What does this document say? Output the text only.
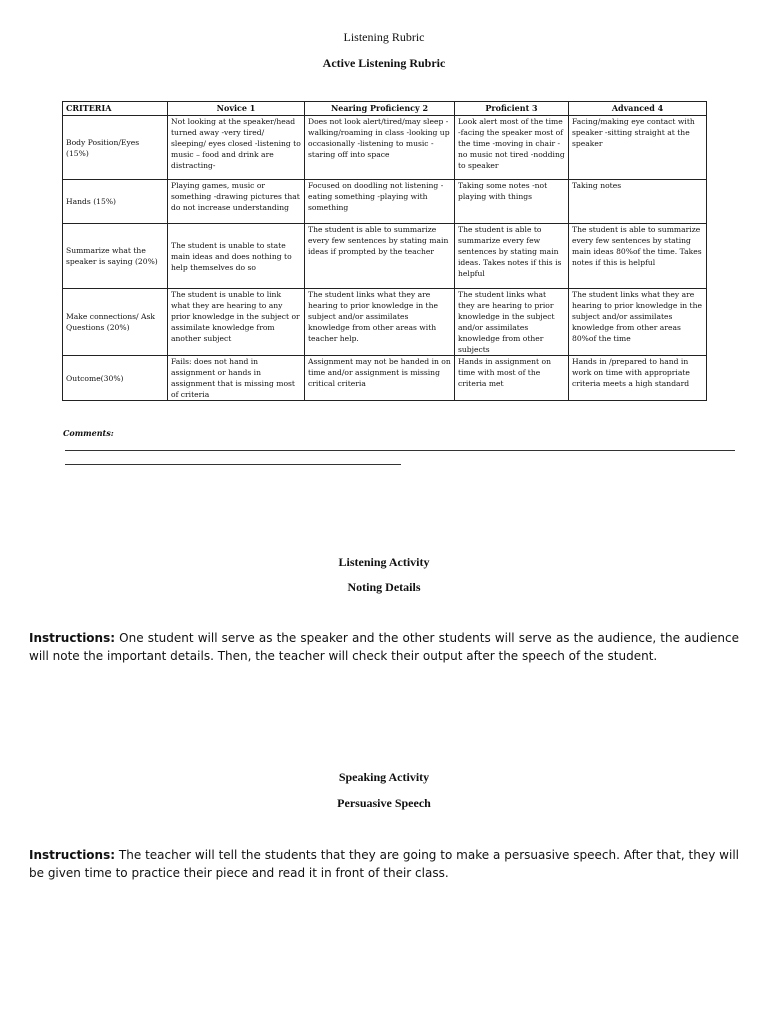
Listening Rubric
Active Listening Rubric
CRITERIA	Novice 1	Nearing Proficiency 2	Proficient 3	Advanced 4
Body Position/Eyes (15%)	Not looking at the speaker/head turned away -very tired/ sleeping/ eyes closed -listening to music – food and drink are distracting-	Does not look alert/tired/may sleep -walking/roaming in class -looking up occasionally -listening to music -staring off into space	Look alert most of the time -facing the speaker most of the time -moving in chair -no music not tired -nodding to speaker	Facing/making eye contact with speaker -sitting straight at the speaker
Hands (15%)	Playing games, music or something -drawing pictures that do not increase understanding	Focused on doodling not listening -eating something -playing with something	Taking some notes -not playing with things	Taking notes
Summarize what the speaker is saying (20%)	The student is unable to state main ideas and does nothing to help themselves do so	The student is able to summarize every few sentences by stating main ideas if prompted by the teacher	The student is able to summarize every few sentences by stating main ideas. Takes notes if this is helpful	The student is able to summarize every few sentences by stating main ideas 80%of the time. Takes notes if this is helpful
Make connections/ Ask Questions (20%)	The student is unable to link what they are hearing to any prior knowledge in the subject or assimilate knowledge from another subject	The student links what they are hearing to prior knowledge in the subject and/or assimilates knowledge from other areas with teacher help.	The student links what they are hearing to prior knowledge in the subject and/or assimilates knowledge from other subjects	The student links what they are hearing to prior knowledge in the subject and/or assimilates knowledge from other areas 80%of the time
Outcome(30%)	Fails: does not hand in assignment or hands in assignment that is missing most of criteria	Assignment may not be handed in on time and/or assignment is missing critical criteria	Hands in assignment on time with most of the criteria met	Hands in /prepared to hand in work on time with appropriate criteria meets a high standard
Comments:
Listening Activity
Noting Details
Instructions: One student will serve as the speaker and the other students will serve as the audience, the audience will note the important details. Then, the teacher will check their output after the speech of the student.
Speaking Activity
Persuasive Speech
Instructions: The teacher will tell the students that they are going to make a persuasive speech. After that, they will be given time to practice their piece and read it in front of their class.
